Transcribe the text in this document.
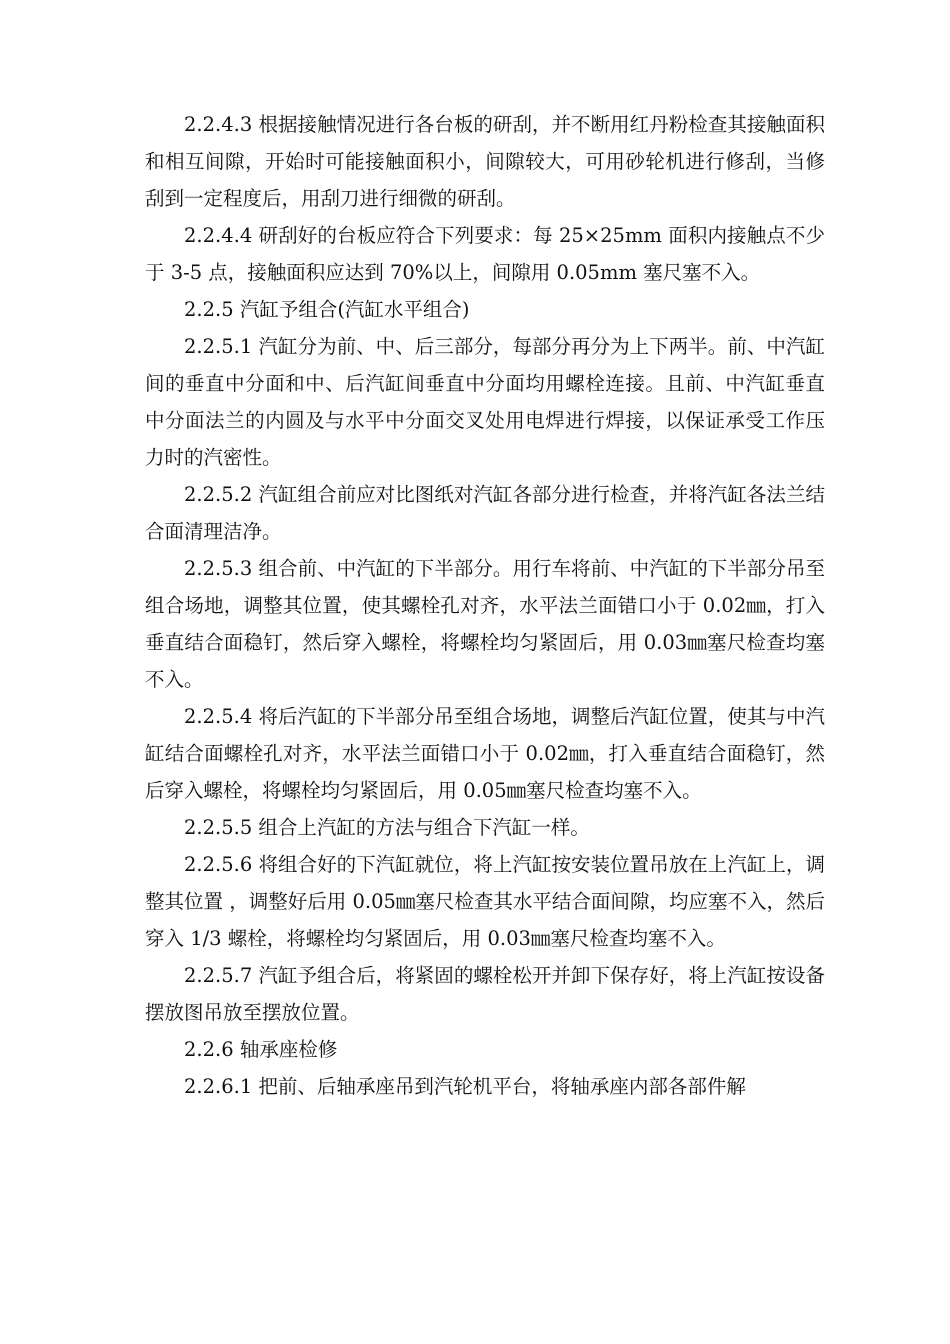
2.2.4.3 根据接触情况进行各台板的研刮，并不断用红丹粉检查其接触面积和相互间隙，开始时可能接触面积小，间隙较大，可用砂轮机进行修刮，当修刮到一定程度后，用刮刀进行细微的研刮。

2.2.4.4 研刮好的台板应符合下列要求：每 25×25mm 面积内接触点不少于 3-5 点，接触面积应达到 70%以上，间隙用 0.05mm 塞尺塞不入。

2.2.5 汽缸予组合(汽缸水平组合)

2.2.5.1 汽缸分为前、中、后三部分，每部分再分为上下两半。前、中汽缸间的垂直中分面和中、后汽缸间垂直中分面均用螺栓连接。且前、中汽缸垂直中分面法兰的内圆及与水平中分面交叉处用电焊进行焊接，以保证承受工作压力时的汽密性。

2.2.5.2 汽缸组合前应对比图纸对汽缸各部分进行检查，并将汽缸各法兰结合面清理洁净。

2.2.5.3 组合前、中汽缸的下半部分。用行车将前、中汽缸的下半部分吊至组合场地，调整其位置，使其螺栓孔对齐，水平法兰面错口小于 0.02㎜，打入垂直结合面稳钉，然后穿入螺栓，将螺栓均匀紧固后，用 0.03㎜塞尺检查均塞不入。

2.2.5.4 将后汽缸的下半部分吊至组合场地，调整后汽缸位置，使其与中汽缸结合面螺栓孔对齐，水平法兰面错口小于 0.02㎜，打入垂直结合面稳钉，然后穿入螺栓，将螺栓均匀紧固后，用 0.05㎜塞尺检查均塞不入。

2.2.5.5 组合上汽缸的方法与组合下汽缸一样。

2.2.5.6 将组合好的下汽缸就位，将上汽缸按安装位置吊放在上汽缸上，调整其位置 ，调整好后用 0.05㎜塞尺检查其水平结合面间隙，均应塞不入，然后穿入 1/3 螺栓，将螺栓均匀紧固后，用 0.03㎜塞尺检查均塞不入。

2.2.5.7 汽缸予组合后，将紧固的螺栓松开并卸下保存好，将上汽缸按设备摆放图吊放至摆放位置。

2.2.6 轴承座检修

2.2.6.1 把前、后轴承座吊到汽轮机平台，将轴承座内部各部件解
